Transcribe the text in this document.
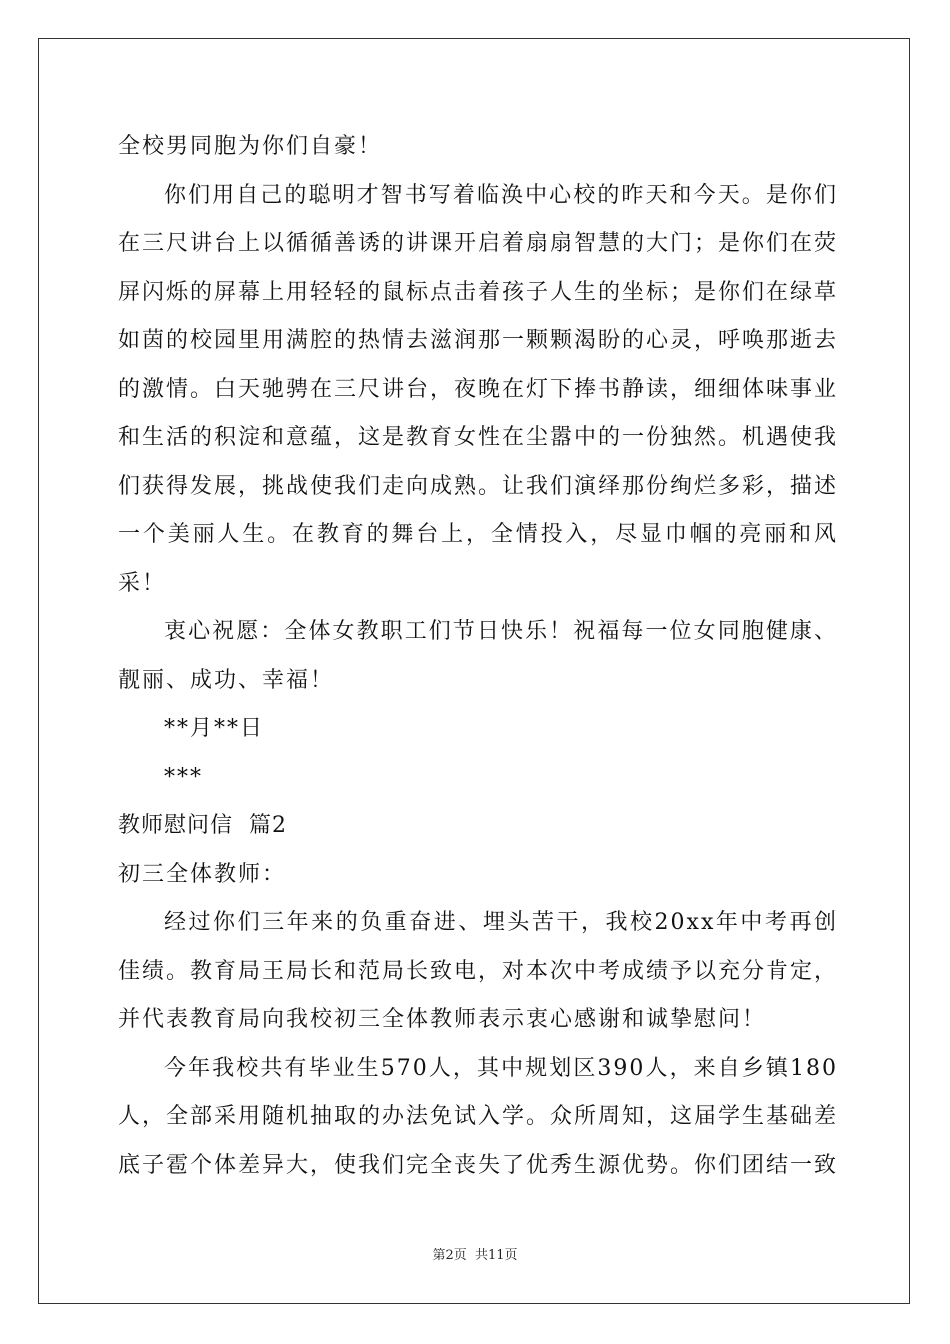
全校男同胞为你们自豪！

你们用自己的聪明才智书写着临涣中心校的昨天和今天。是你们在三尺讲台上以循循善诱的讲课开启着扇扇智慧的大门；是你们在荧屏闪烁的屏幕上用轻轻的鼠标点击着孩子人生的坐标；是你们在绿草如茵的校园里用满腔的热情去滋润那一颗颗渴盼的心灵，呼唤那逝去的激情。白天驰骋在三尺讲台，夜晚在灯下捧书静读，细细体味事业和生活的积淀和意蕴，这是教育女性在尘嚣中的一份独然。机遇使我们获得发展，挑战使我们走向成熟。让我们演绎那份绚烂多彩，描述一个美丽人生。在教育的舞台上，全情投入，尽显巾帼的亮丽和风采！

衷心祝愿：全体女教职工们节日快乐！祝福每一位女同胞健康、靓丽、成功、幸福！

**月**日

***

教师慰问信  篇2

初三全体教师：

经过你们三年来的负重奋进、埋头苦干，我校20xx年中考再创佳绩。教育局王局长和范局长致电，对本次中考成绩予以充分肯定，并代表教育局向我校初三全体教师表示衷心感谢和诚挚慰问！

今年我校共有毕业生570人，其中规划区390人，来自乡镇180人，全部采用随机抽取的办法免试入学。众所周知，这届学生基础差底子雹个体差异大，使我们完全丧失了优秀生源优势。你们团结一致

第2页 共11页
